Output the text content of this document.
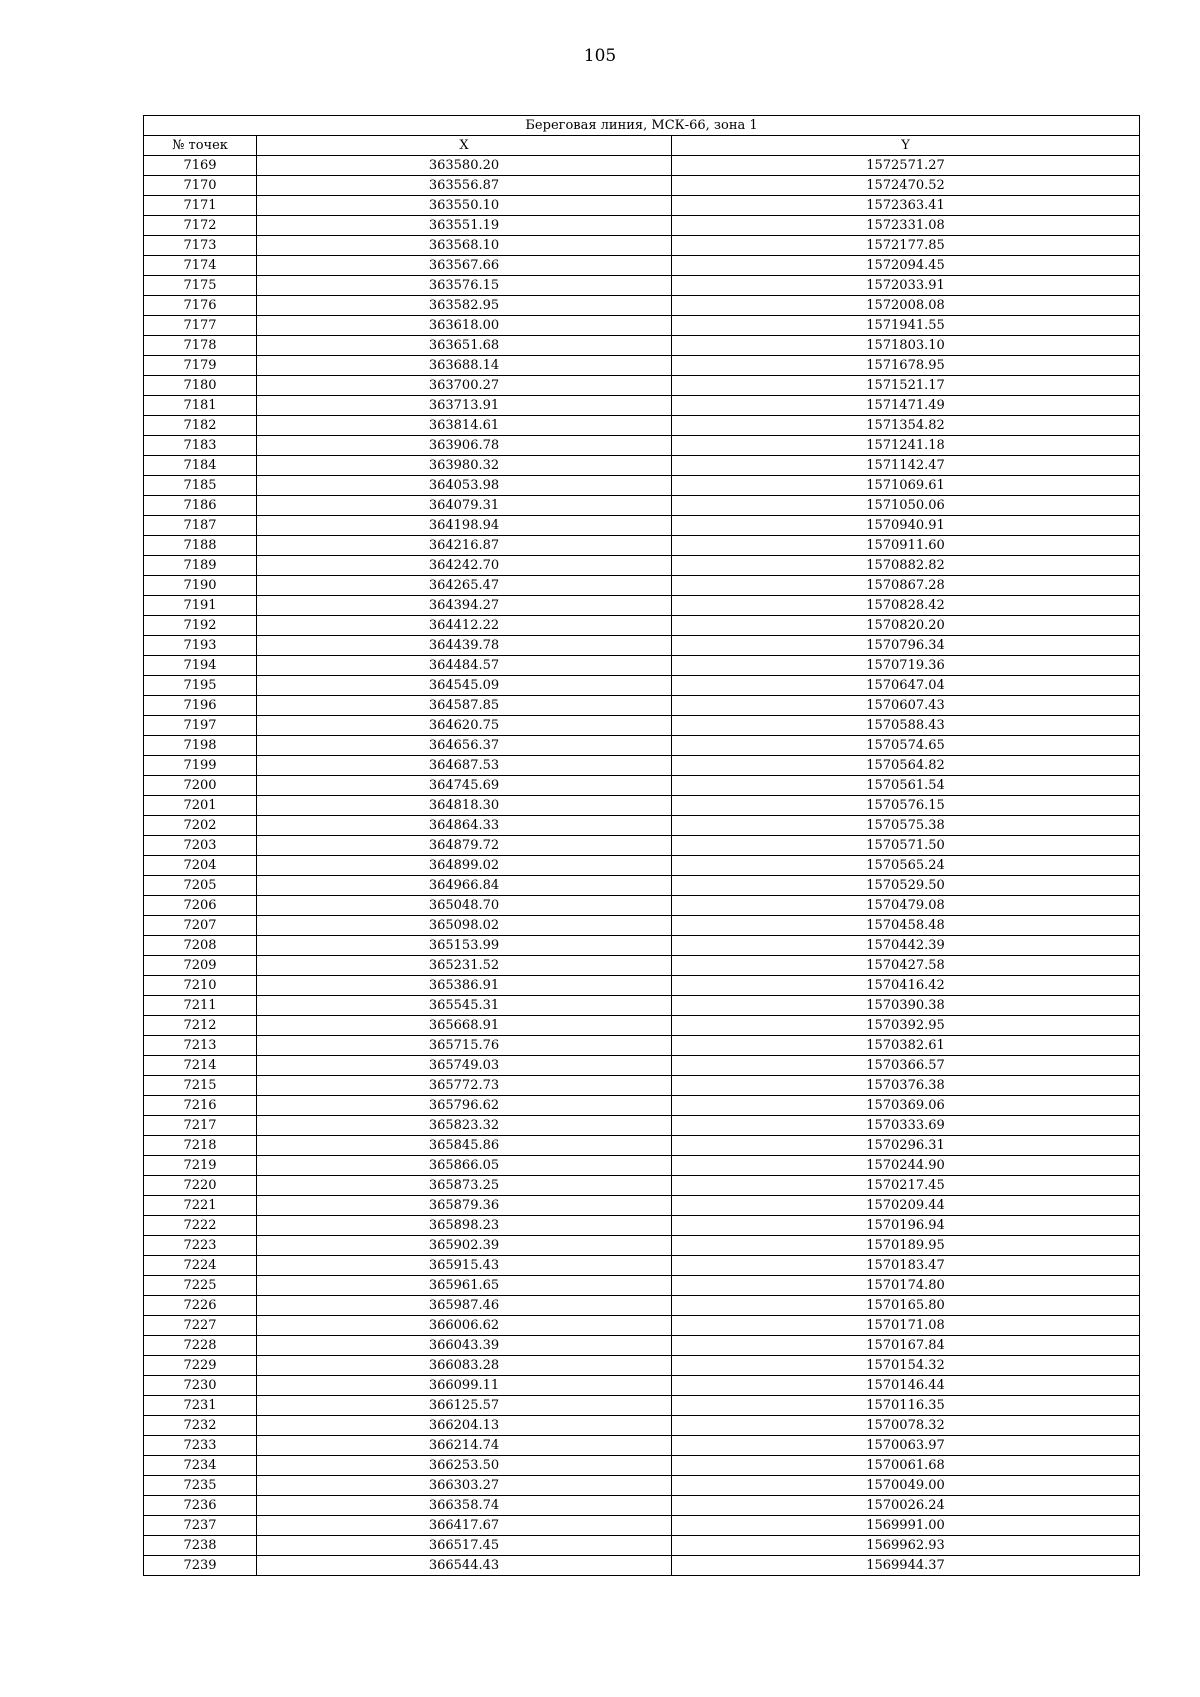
105
Береговая линия, МСК-66, зона 1		
№ точек	X	Y
7169	363580.20	1572571.27
7170	363556.87	1572470.52
7171	363550.10	1572363.41
7172	363551.19	1572331.08
7173	363568.10	1572177.85
7174	363567.66	1572094.45
7175	363576.15	1572033.91
7176	363582.95	1572008.08
7177	363618.00	1571941.55
7178	363651.68	1571803.10
7179	363688.14	1571678.95
7180	363700.27	1571521.17
7181	363713.91	1571471.49
7182	363814.61	1571354.82
7183	363906.78	1571241.18
7184	363980.32	1571142.47
7185	364053.98	1571069.61
7186	364079.31	1571050.06
7187	364198.94	1570940.91
7188	364216.87	1570911.60
7189	364242.70	1570882.82
7190	364265.47	1570867.28
7191	364394.27	1570828.42
7192	364412.22	1570820.20
7193	364439.78	1570796.34
7194	364484.57	1570719.36
7195	364545.09	1570647.04
7196	364587.85	1570607.43
7197	364620.75	1570588.43
7198	364656.37	1570574.65
7199	364687.53	1570564.82
7200	364745.69	1570561.54
7201	364818.30	1570576.15
7202	364864.33	1570575.38
7203	364879.72	1570571.50
7204	364899.02	1570565.24
7205	364966.84	1570529.50
7206	365048.70	1570479.08
7207	365098.02	1570458.48
7208	365153.99	1570442.39
7209	365231.52	1570427.58
7210	365386.91	1570416.42
7211	365545.31	1570390.38
7212	365668.91	1570392.95
7213	365715.76	1570382.61
7214	365749.03	1570366.57
7215	365772.73	1570376.38
7216	365796.62	1570369.06
7217	365823.32	1570333.69
7218	365845.86	1570296.31
7219	365866.05	1570244.90
7220	365873.25	1570217.45
7221	365879.36	1570209.44
7222	365898.23	1570196.94
7223	365902.39	1570189.95
7224	365915.43	1570183.47
7225	365961.65	1570174.80
7226	365987.46	1570165.80
7227	366006.62	1570171.08
7228	366043.39	1570167.84
7229	366083.28	1570154.32
7230	366099.11	1570146.44
7231	366125.57	1570116.35
7232	366204.13	1570078.32
7233	366214.74	1570063.97
7234	366253.50	1570061.68
7235	366303.27	1570049.00
7236	366358.74	1570026.24
7237	366417.67	1569991.00
7238	366517.45	1569962.93
7239	366544.43	1569944.37
